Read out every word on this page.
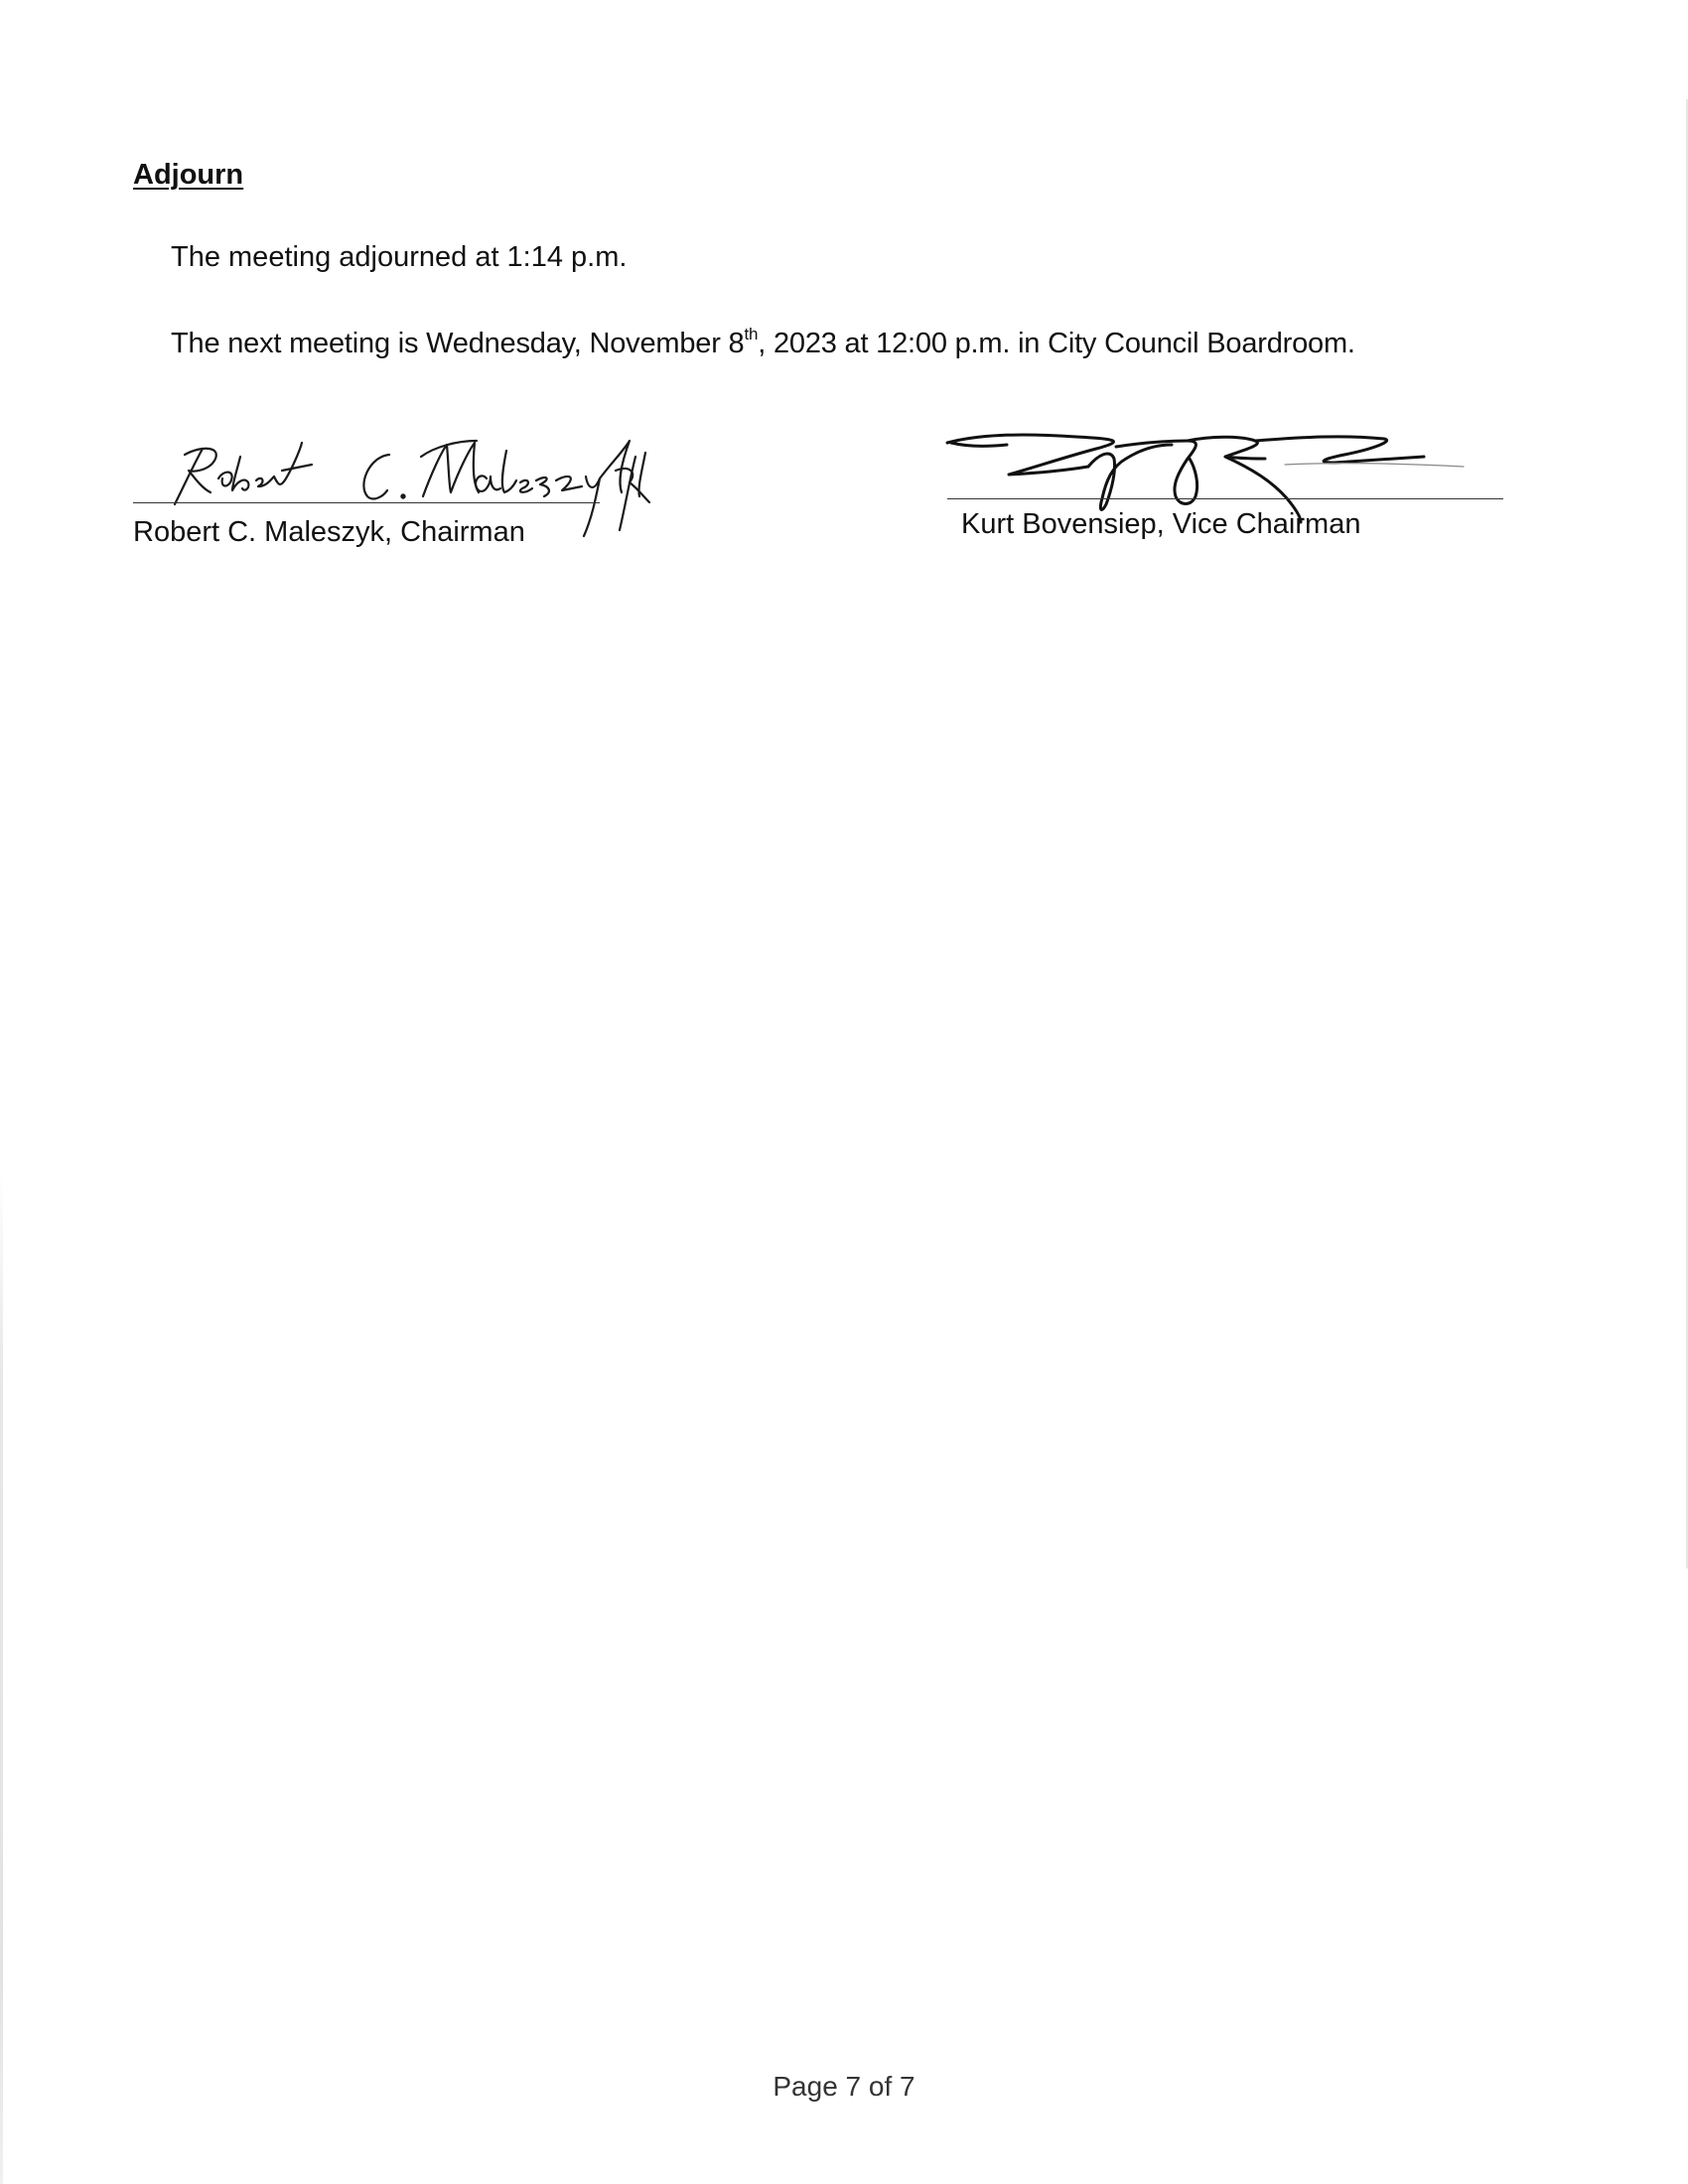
Adjourn

The meeting adjourned at 1:14 p.m.

The next meeting is Wednesday, November 8th, 2023 at 12:00 p.m. in City Council Boardroom.

Robert C. Maleszyk, Chairman	Kurt Bovensiep, Vice Chairman

Page 7 of 7
